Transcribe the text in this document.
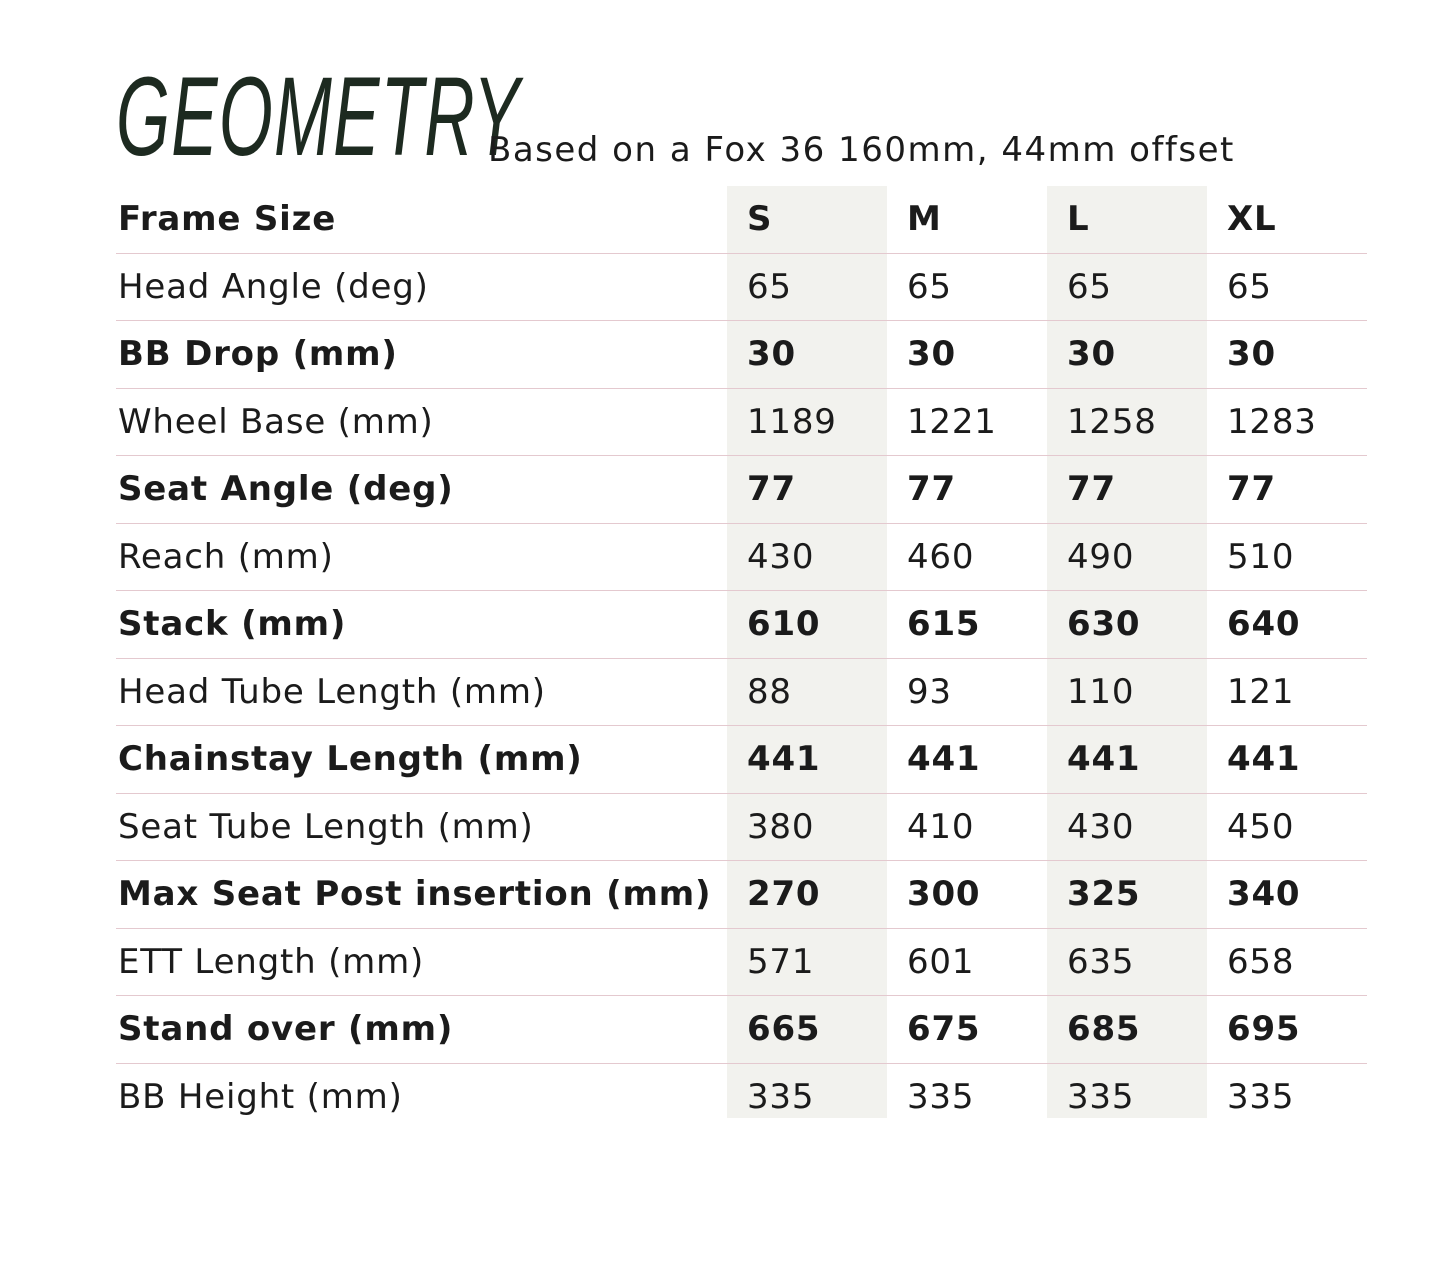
GEOMETRY
Based on a Fox 36 160mm, 44mm offset
Frame Size	S	M	L	XL
Head Angle (deg)	65	65	65	65
BB Drop (mm)	30	30	30	30
Wheel Base (mm)	1189	1221	1258	1283
Seat Angle (deg)	77	77	77	77
Reach (mm)	430	460	490	510
Stack (mm)	610	615	630	640
Head Tube Length (mm)	88	93	110	121
Chainstay Length (mm)	441	441	441	441
Seat Tube Length (mm)	380	410	430	450
Max Seat Post insertion (mm)	270	300	325	340
ETT Length (mm)	571	601	635	658
Stand over (mm)	665	675	685	695
BB Height (mm)	335	335	335	335
